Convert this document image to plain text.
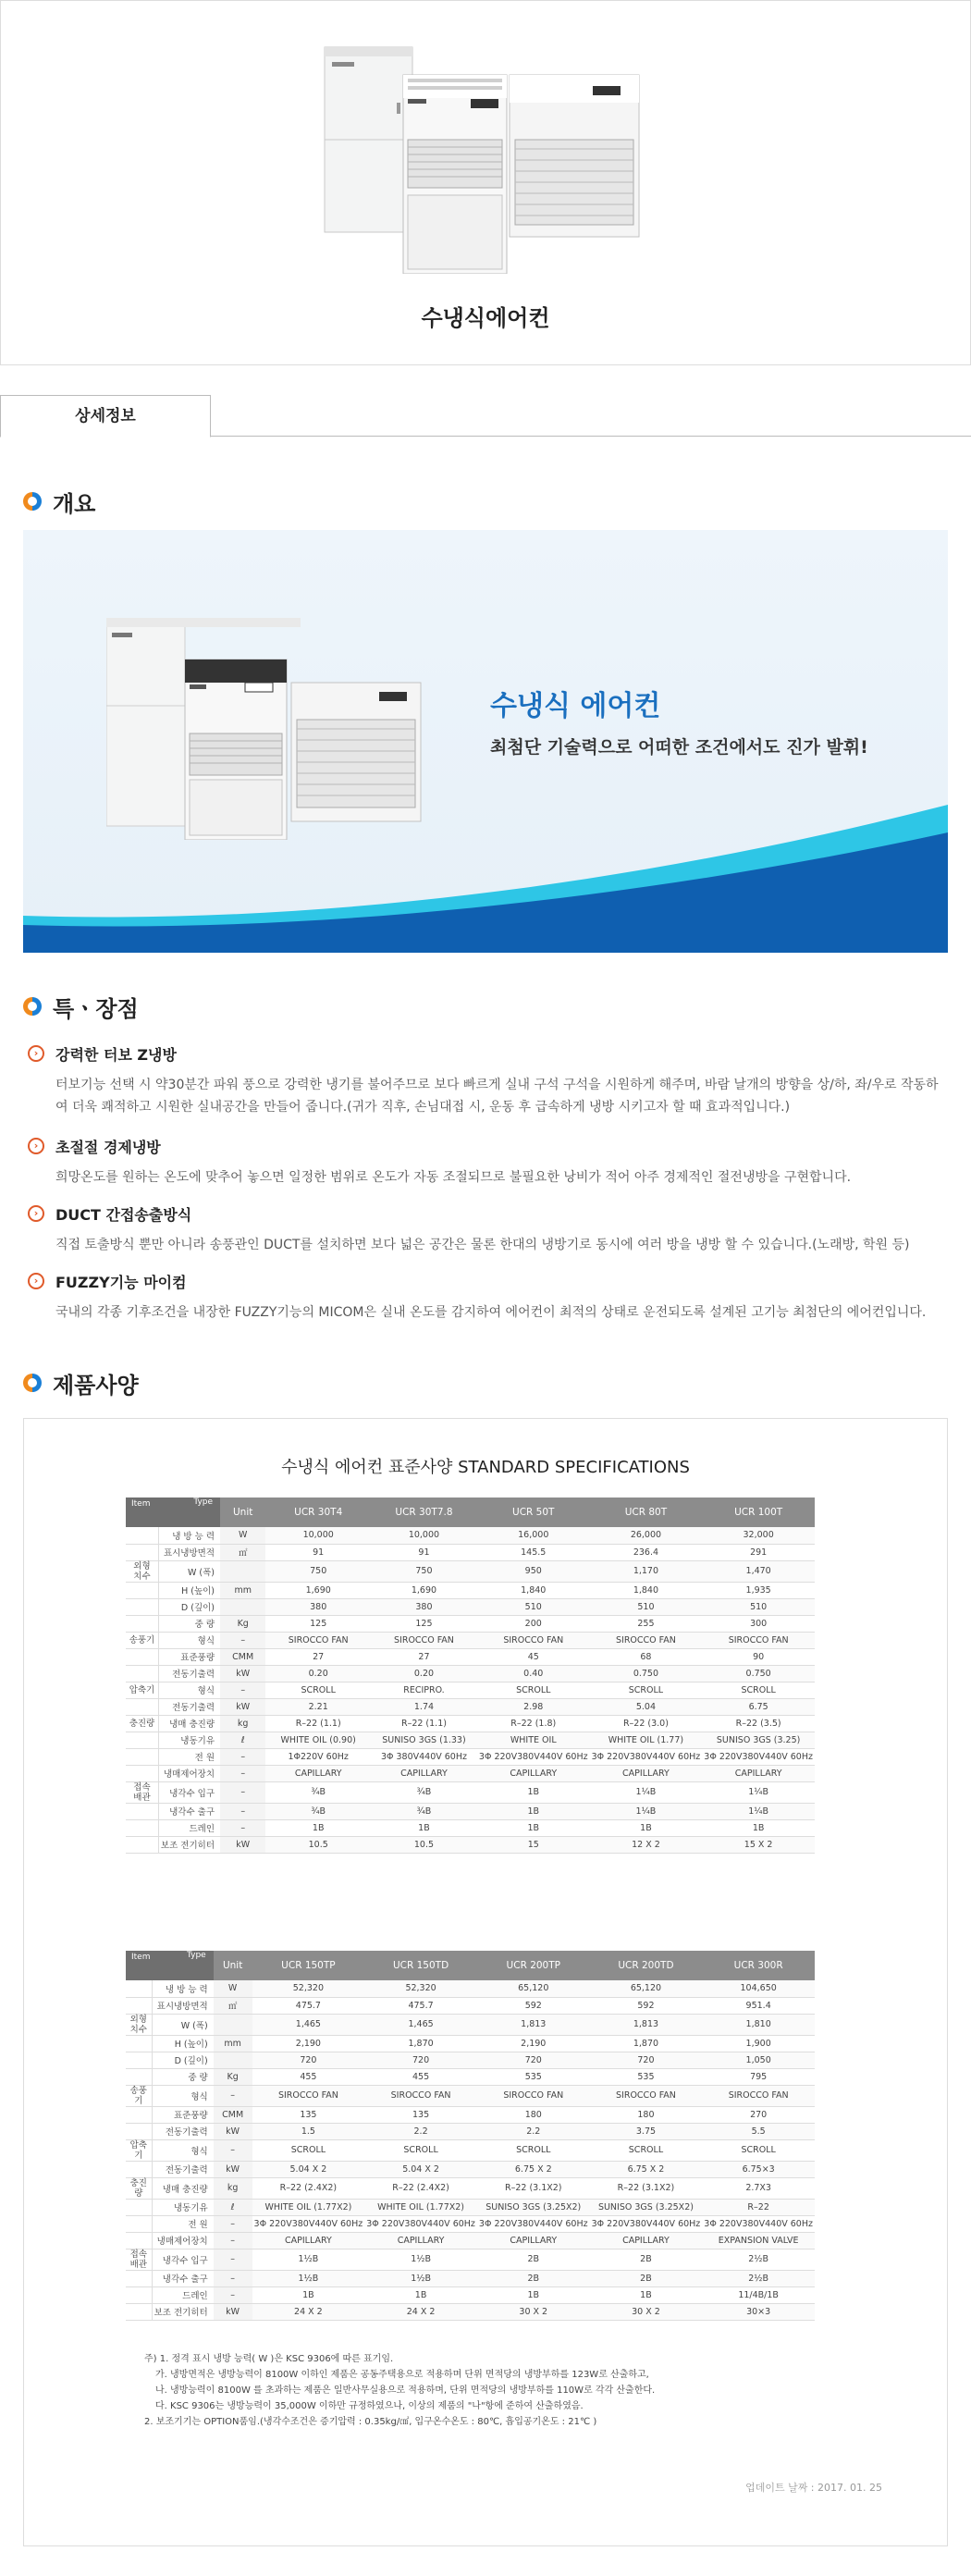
수냉식에어컨
상세정보
개요
수냉식 에어컨
최첨단 기술력으로 어떠한 조건에서도 진가 발휘!
특ㆍ장점
›	강력한 터보 Z냉방
터보기능 선택 시 약30분간 파워 풍으로 강력한 냉기를 불어주므로 보다 빠르게 실내 구석 구석을 시원하게 해주며, 바람 날개의 방향을 상/하, 좌/우로 작동하여 더욱 쾌적하고 시원한 실내공간을 만들어 줍니다.(귀가 직후, 손님대접 시, 운동 후 급속하게 냉방 시키고자 할 때 효과적입니다.)
›	초절절 경제냉방
희망온도를 원하는 온도에 맞추어 놓으면 일정한 범위로 온도가 자동 조절되므로 불필요한 낭비가 적어 아주 경제적인 절전냉방을 구현합니다.
›	DUCT 간접송출방식
직접 토출방식 뿐만 아니라 송풍관인 DUCT를 설치하면 보다 넓은 공간은 물론 한대의 냉방기로 동시에 여러 방을 냉방 할 수 있습니다.(노래방, 학원 등)
›	FUZZY기능 마이컴
국내의 각종 기후조건을 내장한 FUZZY기능의 MICOM은 실내 온도를 감지하여 에어컨이 최적의 상태로 운전되도록 설계된 고기능 최첨단의 에어컨입니다.
제품사양
수냉식 에어컨 표준사양 STANDARD SPECIFICATIONS
Item Type		Unit	UCR 30T4	UCR 30T7.8	UCR 50T	UCR 80T	UCR 100T
	냉 방 능 력	W	10,000	10,000	16,000	26,000	32,000
	표시냉방면적	㎡	91	91	145.5	236.4	291
외형
치수	W (폭)		750	750	950	1,170	1,470
	H (높이)	mm	1,690	1,690	1,840	1,840	1,935
	D (깊이)		380	380	510	510	510
	중 량	Kg	125	125	200	255	300
송풍기	형식	–	SIROCCO FAN	SIROCCO FAN	SIROCCO FAN	SIROCCO FAN	SIROCCO FAN
	표준풍량	CMM	27	27	45	68	90
	전동기출력	kW	0.20	0.20	0.40	0.750	0.750
압축기	형식	–	SCROLL	RECIPRO.	SCROLL	SCROLL	SCROLL
	전동기출력	kW	2.21	1.74	2.98	5.04	6.75
충진량	냉매 충진량	kg	R–22 (1.1)	R–22 (1.1)	R–22 (1.8)	R–22 (3.0)	R–22 (3.5)
	냉동기유	ℓ	WHITE OIL (0.90)	SUNISO 3GS (1.33)	WHITE OIL	WHITE OIL (1.77)	SUNISO 3GS (3.25)
	전 원	–	1Φ220V 60Hz	3Φ 380V440V 60Hz	3Φ 220V380V440V 60Hz	3Φ 220V380V440V 60Hz	3Φ 220V380V440V 60Hz
	냉매제어장치	–	CAPILLARY	CAPILLARY	CAPILLARY	CAPILLARY	CAPILLARY
접속
배관	냉각수 입구	–	¾B	¾B	1B	1¼B	1¼B
	냉각수 출구	–	¾B	¾B	1B	1¼B	1¼B
	드레인	–	1B	1B	1B	1B	1B
	보조 전기히터	kW	10.5	10.5	15	12 X 2	15 X 2
Item Type		Unit	UCR 150TP	UCR 150TD	UCR 200TP	UCR 200TD	UCR 300R
	냉 방 능 력	W	52,320	52,320	65,120	65,120	104,650
	표시냉방면적	㎡	475.7	475.7	592	592	951.4
외형
치수	W (폭)		1,465	1,465	1,813	1,813	1,810
	H (높이)	mm	2,190	1,870	2,190	1,870	1,900
	D (깊이)		720	720	720	720	1,050
	중 량	Kg	455	455	535	535	795
송풍기	형식	–	SIROCCO FAN	SIROCCO FAN	SIROCCO FAN	SIROCCO FAN	SIROCCO FAN
	표준풍량	CMM	135	135	180	180	270
	전동기출력	kW	1.5	2.2	2.2	3.75	5.5
압축기	형식	–	SCROLL	SCROLL	SCROLL	SCROLL	SCROLL
	전동기출력	kW	5.04 X 2	5.04 X 2	6.75 X 2	6.75 X 2	6.75×3
충진량	냉매 충진량	kg	R–22 (2.4X2)	R–22 (2.4X2)	R–22 (3.1X2)	R–22 (3.1X2)	2.7X3
	냉동기유	ℓ	WHITE OIL (1.77X2)	WHITE OIL (1.77X2)	SUNISO 3GS (3.25X2)	SUNISO 3GS (3.25X2)	R–22
	전 원	–	3Φ 220V380V440V 60Hz	3Φ 220V380V440V 60Hz	3Φ 220V380V440V 60Hz	3Φ 220V380V440V 60Hz	3Φ 220V380V440V 60Hz
	냉매제어장치	–	CAPILLARY	CAPILLARY	CAPILLARY	CAPILLARY	EXPANSION VALVE
접속
배관	냉각수 입구	–	1½B	1½B	2B	2B	2½B
	냉각수 출구	–	1½B	1½B	2B	2B	2½B
	드레인	–	1B	1B	1B	1B	11/4B/1B
	보조 전기히터	kW	24 X 2	24 X 2	30 X 2	30 X 2	30×3
주) 1. 정격 표시 냉방 능력( W )은 KSC 9306에 따른 표기임.
가. 냉방면적은 냉방능력이 8100W 이하인 제품은 공동주택용으로 적용하며 단위 면적당의 냉방부하를 123W로 산출하고,
나. 냉방능력이 8100W 를 초과하는 제품은 일반사무실용으로 적용하며, 단위 면적당의 냉방부하를 110W로 각각 산출한다.
다. KSC 9306는 냉방능력이 35,000W 이하만 규정하였으나, 이상의 제품의 "나"항에 준하여 산출하였음.
2. 보조기기는 OPTION품임.(냉각수조건은 증기압력 : 0.35kg/㎠, 입구온수온도 : 80℃, 흡입공기온도 : 21℃ )
업데이트 날짜 : 2017. 01. 25
